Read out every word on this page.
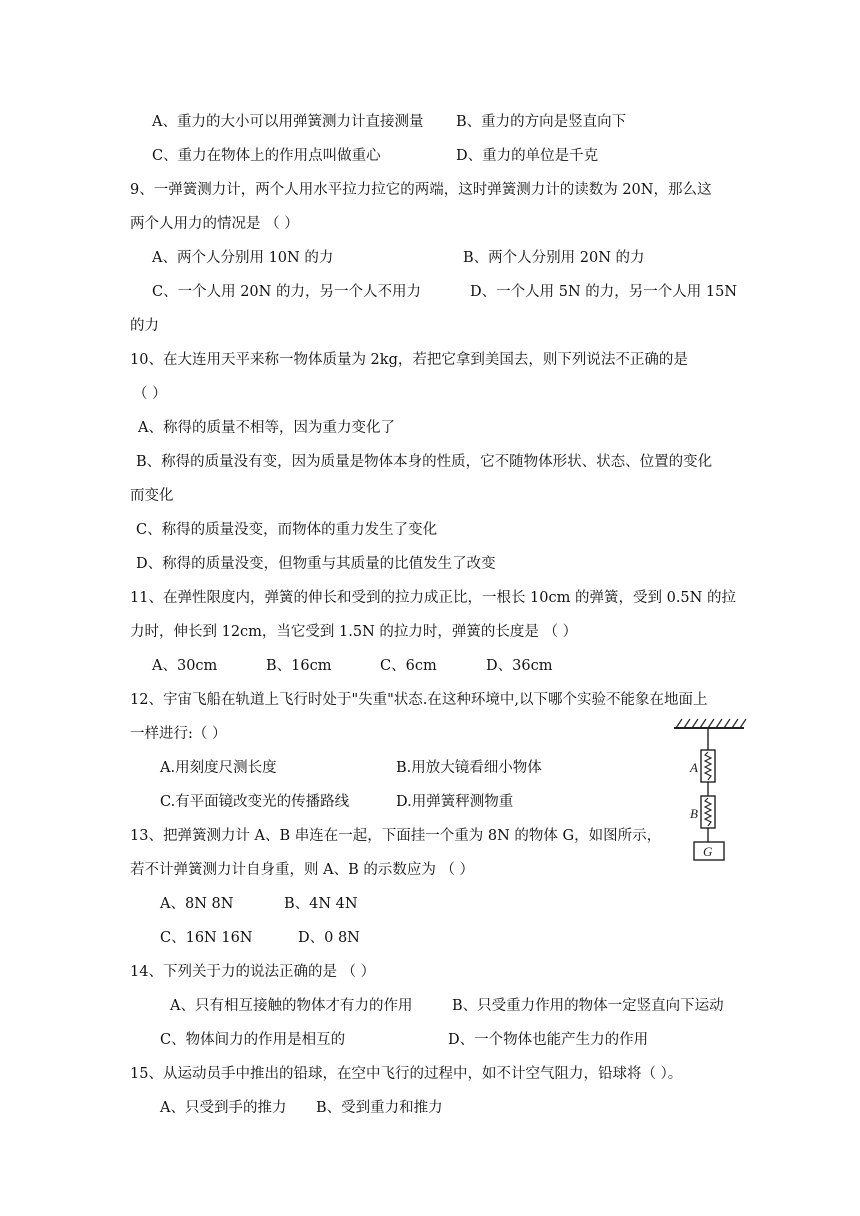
A、重力的大小可以用弹簧测力计直接测量 B、重力的方向是竖直向下
C、重力在物体上的作用点叫做重心	D、重力的单位是千克
9、一弹簧测力计，两个人用水平拉力拉它的两端，这时弹簧测力计的读数为 20N，那么这
两个人用力的情况是 （ ）
A、两个人分别用 10N 的力	B、两个人分别用 20N 的力
C、一个人用 20N 的力，另一个人不用力	D、一个人用 5N 的力，另一个人用 15N
的力
10、在大连用天平来称一物体质量为 2kg，若把它拿到美国去，则下列说法不正确的是
（ ）
A、称得的质量不相等，因为重力变化了
B、称得的质量没有变，因为质量是物体本身的性质，它不随物体形状、状态、位置的变化
而变化
C、称得的质量没变，而物体的重力发生了变化
D、称得的质量没变，但物重与其质量的比值发生了改变
11、在弹性限度内，弹簧的伸长和受到的拉力成正比，一根长 10cm 的弹簧，受到 0.5N 的拉
力时，伸长到 12cm，当它受到 1.5N 的拉力时，弹簧的长度是 （ ）
A、30cm	B、16cm	C、6cm	D、36cm
12、宇宙飞船在轨道上飞行时处于"失重"状态.在这种环境中,以下哪个实验不能象在地面上
一样进行:（ ）
A.用刻度尺测长度	B.用放大镜看细小物体
C.有平面镜改变光的传播路线	D.用弹簧秤测物重
13、把弹簧测力计 A、B 串连在一起，下面挂一个重为 8N 的物体 G，如图所示，
若不计弹簧测力计自身重，则 A、B 的示数应为 （ ）
A、8N 8N	B、4N 4N
C、16N 16N	D、0 8N
14、下列关于力的说法正确的是 （ ）
A、只有相互接触的物体才有力的作用	B、只受重力作用的物体一定竖直向下运动
C、物体间力的作用是相互的	D、一个物体也能产生力的作用
15、从运动员手中推出的铅球，在空中飞行的过程中，如不计空气阻力，铅球将（ ）。
A、只受到手的推力 B、受到重力和推力
A
B
G
